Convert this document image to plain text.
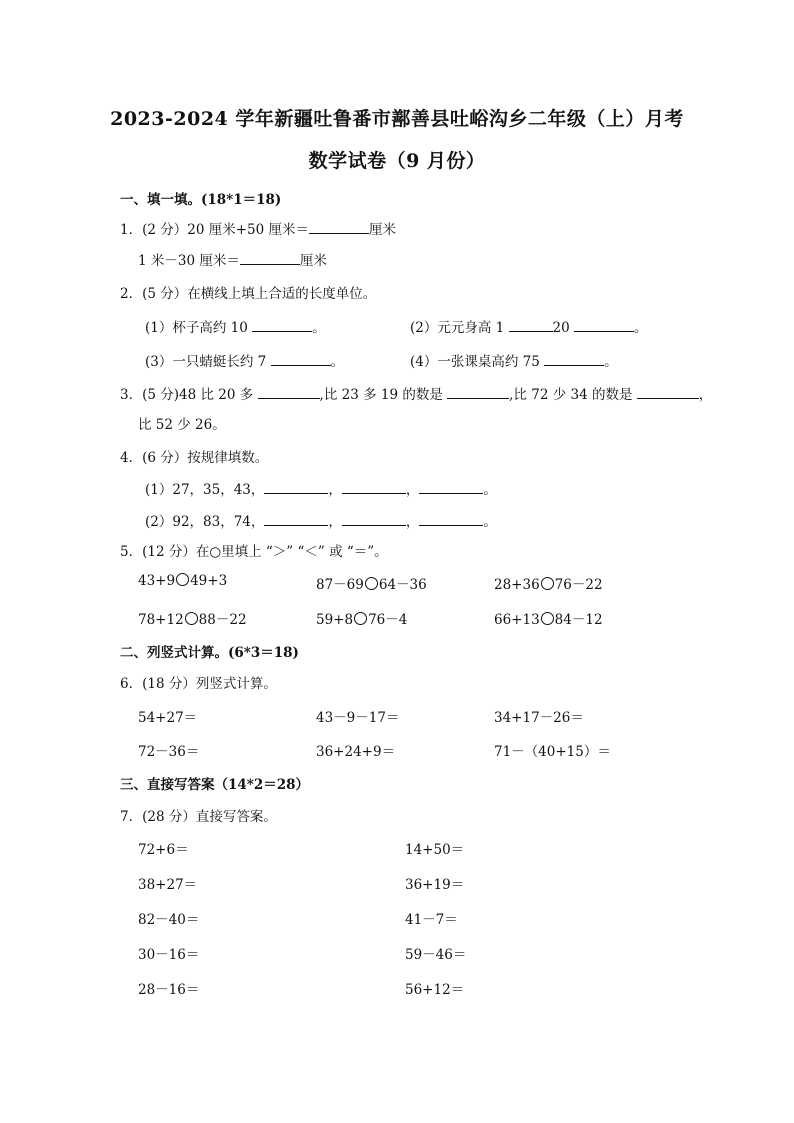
2023-2024 学年新疆吐鲁番市鄯善县吐峪沟乡二年级（上）月考
数学试卷（9 月份）
一、填一填。(18*1＝18)
1．(2 分）20 厘米+50 厘米＝	厘米
1 米－30 厘米＝	厘米
2．(5 分）在横线上填上合适的长度单位。
(1）杯子高约 10	。	(2）元元身高 1	20	。
(3）一只蜻蜓长约 7	。	(4）一张课桌高约 75	。
3．(5 分)48 比 20 多	,比 23 多 19 的数是	,比 72 少 34 的数是	，
比 52 少 26。
4．(6 分）按规律填数。
(1）27，35，43，	，	，	。
(2）92，83，74，	，	，	。
5．(12 分）在○里填上 “＞” “＜” 或 “＝”。
43+9 49+3	87－69 64－36	28+36 76－22
78+12 88－22	59+8 76－4	66+13 84－12
二、列竖式计算。(6*3＝18)
6．(18 分）列竖式计算。
54+27＝	43－9－17＝	34+17－26＝
72－36＝	36+24+9＝	71－（40+15）＝
三、直接写答案（14*2＝28）
7．(28 分）直接写答案。
72+6＝	14+50＝
38+27＝	36+19＝
82－40＝	41－7＝
30－16＝	59－46＝
28－16＝	56+12＝
